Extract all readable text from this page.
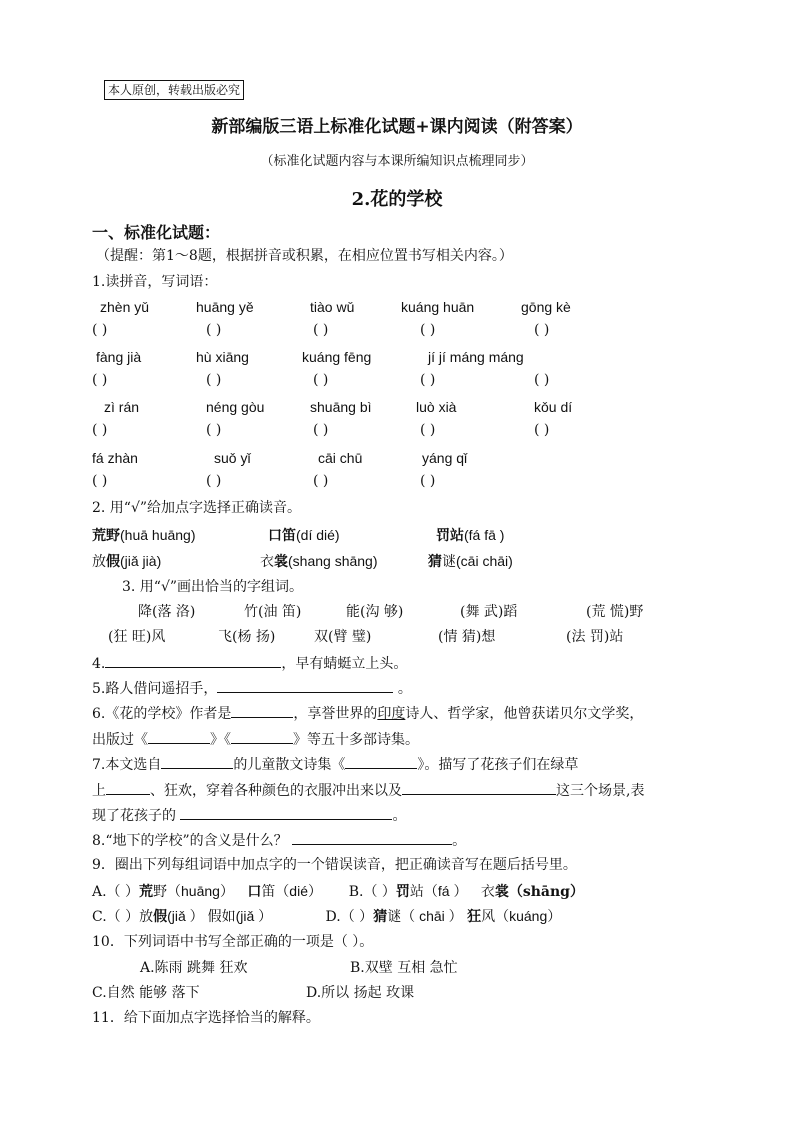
本人原创，转载出版必究
新部编版三语上标准化试题+课内阅读（附答案）
（标准化试题内容与本课所编知识点梳理同步）
2.花的学校
一、标准化试题：
（提醒：第1～8题，根据拼音或积累，在相应位置书写相关内容。）
1.读拼音，写词语：
zhèn yǔ	huāng yě	tiào wǔ	kuáng huān	gōng kè
( )	( )	( )	( )	( )
fàng jià	hù xiāng	kuáng fēng	jí jí máng máng
( )	( )	( )	( )	( )
zì rán	néng gòu	shuāng bì	luò xià	kǒu dí
( )	( )	( )	( )	( )
fá zhàn	suǒ yǐ	cāi chū	yáng qǐ
( )	( )	( )	( )
2. 用“√”给加点字选择正确读音。
荒野(huā huāng)	口笛(dí dié)	罚站(fá fā )
放假(jiǎ jià)	衣裳(shang shāng)	猜谜(cāi chāi)
3. 用“√”画出恰当的字组词。
降(落 洛)	竹(油 笛)	能(沟 够)	(舞 武)蹈	(荒 慌)野
(狂 旺)风	飞(杨 扬)	双(臂 璧)	(情 猜)想	(法 罚)站
4.	，早有蜻蜓立上头。
5.路人借问遥招手，	。
6.《花的学校》作者是	，享誉世界的印度诗人、哲学家，他曾获诺贝尔文学奖，
出版过《	》《	》等五十多部诗集。
7.本文选自	的儿童散文诗集《	》。描写了花孩子们在绿草
上	、狂欢，穿着各种颜色的衣服冲出来以及	这三个场景,表
现了花孩子的	。
8.“地下的学校”的含义是什么？	。
9．圈出下列每组词语中加点字的一个错误读音，把正确读音写在题后括号里。
A.（ ）荒野（huāng） 口笛（dié） B.（ ）罚站（fá ） 衣裳（shāng）
C.（ ）放假(jiǎ ） 假如(jiǎ ）	D.（ ）猜谜（ chāi ） 狂风（kuáng）
10．下列词语中书写全部正确的一项是（ ）。
A.陈雨 跳舞 狂欢	B.双壁 互相 急忙
C.自然 能够 落下	D.所以 扬起 玫课
11．给下面加点字选择恰当的解释。
